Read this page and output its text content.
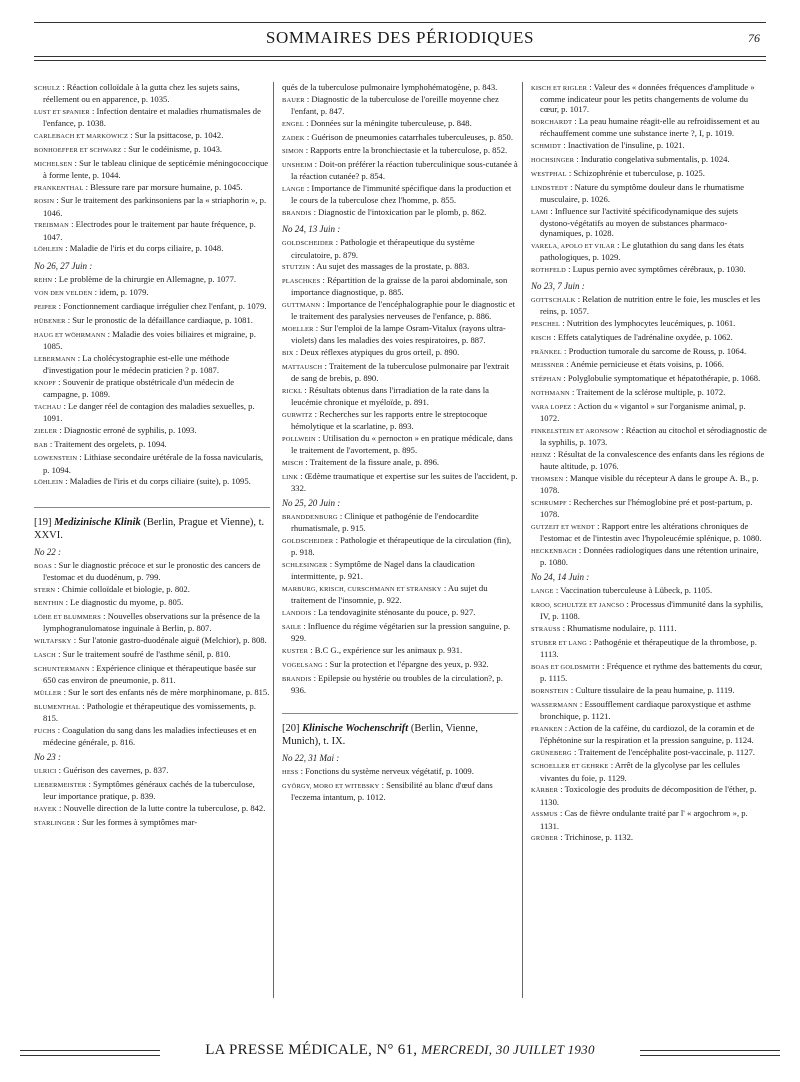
SOMMAIRES DES PÉRIODIQUES	76
SCHULZ : Réaction colloïdale à la gutta chez les sujets sains, réellement ou en apparence, p. 1035.
LUST ET SPANIER : Infection dentaire et maladies rhumatismales de l'enfance, p. 1038.
CARLEBACH ET MARKOWICZ : Sur la psittacose, p. 1042.
BONHOEFFER ET SCHWARZ : Sur le codéinisme, p. 1043.
MICHELSEN : Sur le tableau clinique de septicémie méningococcique à forme lente, p. 1044.
FRANKENTHAL : Blessure rare par morsure humaine, p. 1045.
ROSIN : Sur le traitement des parkinsoniens par la « striaphorin », p. 1046.
TREIBMAN : Electrodes pour le traitement par haute fréquence, p. 1047.
LÖHLEIN : Maladie de l'iris et du corps ciliaire, p. 1048.
No 26, 27 Juin :
REHN : Le problème de la chirurgie en Allemagne, p. 1077.
VON DEN VELDEN : idem, p. 1079.
PEIPER : Fonctionnement cardiaque irrégulier chez l'enfant, p. 1079.
HÜBENER : Sur le pronostic de la défaillance cardiaque, p. 1081.
HAUG ET WÖHRMANN : Maladie des voies biliaires et migraine, p. 1085.
LEBERMANN : La cholécystographie est-elle une méthode d'investigation pour le médecin praticien ? p. 1087.
KNOPF : Souvenir de pratique obstétricale d'un médecin de campagne, p. 1089.
TACHAU : Le danger réel de contagion des maladies sexuelles, p. 1091.
ZIELER : Diagnostic erroné de syphilis, p. 1093.
BAB : Traitement des orgelets, p. 1094.
LOWENSTEIN : Lithiase secondaire urétérale de la fossa navicularis, p. 1094.
LÖHLEIN : Maladies de l'iris et du corps ciliaire (suite), p. 1095.
[19] Medizinische Klinik (Berlin, Prague et Vienne), t. XXVI.
No 22 :
BOAS : Sur le diagnostic précoce et sur le pronostic des cancers de l'estomac et du duodénum, p. 799.
STERN : Chimie colloïdale et biologie, p. 802.
BENTHIN : Le diagnostic du myome, p. 805.
LÖHE ET BLUMMERS : Nouvelles observations sur la présence de la lymphogranulomatose inguinale à Berlin, p. 807.
WILTAFSKY : Sur l'atonie gastro-duodénale aiguë (Melchior), p. 808.
LASCH : Sur le traitement soufré de l'asthme sénil, p. 810.
SCHUNTERMANN : Expérience clinique et thérapeutique basée sur 650 cas environ de pneumonie, p. 811.
MÜLLER : Sur le sort des enfants nés de mère morphinomane, p. 815.
BLUMENTHAL : Pathologie et thérapeutique des vomissements, p. 815.
FUCHS : Coagulation du sang dans les maladies infectieuses et en médecine générale, p. 816.
No 23 :
ULRICI : Guérison des cavernes, p. 837.
LIEBERMEISTER : Symptômes généraux cachés de la tuberculose, leur importance pratique, p. 839.
HAYEK : Nouvelle direction de la lutte contre la tuberculose, p. 842.
STARLINGER : Sur les formes à symptômes mar-
qués de la tuberculose pulmonaire lymphohématogène, p. 843.
BAUER : Diagnostic de la tuberculose de l'oreille moyenne chez l'enfant, p. 847.
ENGEL : Données sur la méningite tuberculeuse, p. 848.
ZADEK : Guérison de pneumonies catarrhales tuberculeuses, p. 850.
SIMON : Rapports entre la bronchiectasie et la tuberculose, p. 852.
UNSHEIM : Doit-on préférer la réaction tuberculinique sous-cutanée à la réaction cutanée? p. 854.
LANGE : Importance de l'immunité spécifique dans la production et le cours de la tuberculose chez l'homme, p. 855.
BRANDIS : Diagnostic de l'intoxication par le plomb, p. 862.
No 24, 13 Juin :
GOLDSCHEIDER : Pathologie et thérapeutique du système circulatoire, p. 879.
STUTZIN : Au sujet des massages de la prostate, p. 883.
PLASCHKES : Répartition de la graisse de la paroi abdominale, son importance diagnostique, p. 885.
GUTTMANN : Importance de l'encéphalographie pour le diagnostic et le traitement des paralysies nerveuses de l'enfance, p. 886.
MOELLER : Sur l'emploi de la lampe Osram-Vitalux (rayons ultra-violets) dans les maladies des voies respiratoires, p. 887.
BIX : Deux réflexes atypiques du gros orteil, p. 890.
MATTAUSCH : Traitement de la tuberculose pulmonaire par l'extrait de sang de brebis, p. 890.
RICKL : Résultats obtenus dans l'irradiation de la rate dans la leucémie chronique et myéloïde, p. 891.
GURWITZ : Recherches sur les rapports entre le streptocoque hémolytique et la scarlatine, p. 893.
POLLWEIN : Utilisation du « pernocton » en pratique médicale, dans le traitement de l'avortement, p. 895.
MISCH : Traitement de la fissure anale, p. 896.
LINK : Œdème traumatique et expertise sur les suites de l'accident, p. 332.
No 25, 20 Juin :
BRANDDENBURG : Clinique et pathogénie de l'endocardite rhumatismale, p. 915.
GOLDSCHEIDER : Pathologie et thérapeutique de la circulation (fin), p. 918.
SCHLESINGER : Symptôme de Nagel dans la claudication intermittente, p. 921.
MARBURG, KRISCH, CURSCHMANN ET STRANSKY : Au sujet du traitement de l'insomnie, p. 922.
LANDOIS : La tendovaginite sténosante du pouce, p. 927.
SAILE : Influence du régime végétarien sur la pression sanguine, p. 929.
KUSTER : B.C G., expérience sur les animaux p. 931.
VOGELSANG : Sur la protection et l'épargne des yeux, p. 932.
BRANDIS : Epilepsie ou hystérie ou troubles de la circulation?, p. 936.
[20] Klinische Wochenschrift (Berlin, Vienne, Munich), t. IX.
No 22, 31 Mai :
HESS : Fonctions du système nerveux végétatif, p. 1009.
GYÖRGY, MORO ET WITEBSKY : Sensibilité au blanc d'œuf dans l'eczema intantum, p. 1012.
KISCH ET RIGLER : Valeur des « données fréquences d'amplitude » comme indicateur pour les petits changements de volume du cœur, p. 1017.
BORCHARDT : La peau humaine réagit-elle au refroidissement et au réchauffement comme une substance inerte ?, I, p. 1019.
SCHMIDT : Inactivation de l'insuline, p. 1021.
HOCHSINGER : Induratio congelativa submentalis, p. 1024.
WESTPHAL : Schizophrénie et tuberculose, p. 1025.
LINDSTEDT : Nature du symptôme douleur dans le rhumatisme musculaire, p. 1026.
LAMI : Influence sur l'activité spécificodynamique des sujets dystono-végétatifs au moyen de substances pharmaco-dynamiques, p. 1028.
VARELA, APOLO ET VILAR : Le glutathion du sang dans les états pathologiques, p. 1029.
ROTHFELD : Lupus pernio avec symptômes cérébraux, p. 1030.
No 23, 7 Juin :
GOTTSCHALK : Relation de nutrition entre le foie, les muscles et les reins, p. 1057.
PESCHEL : Nutrition des lymphocytes leucémiques, p. 1061.
KISCH : Effets catalytiques de l'adrénaline oxydée, p. 1062.
FRÄNKEL : Production tumorale du sarcome de Rouss, p. 1064.
MEISSNER : Anémie pernicieuse et états voisins, p. 1066.
STÉPHAN : Polyglobulie symptomatique et hépatothérapie, p. 1068.
NOTHMANN : Traitement de la sclérose multiple, p. 1072.
VARA LOPEZ : Action du « vigantol » sur l'organisme animal, p. 1072.
FINKELSTEIN ET ARONSOW : Réaction au citochol et sérodiagnostic de la syphilis, p. 1073.
HEINZ : Résultat de la convalescence des enfants dans les régions de haute altitude, p. 1076.
THOMSEN : Manque visible du récepteur A dans le groupe A. B., p. 1078.
SCHRUMPF : Recherches sur l'hémoglobine pré et post-partum, p. 1078.
GUTZEIT ET WENDT : Rapport entre les altérations chroniques de l'estomac et de l'intestin avec l'hypoleucémie splénique, p. 1080.
HECKENBACH : Données radiologiques dans une rétention urinaire, p. 1080.
No 24, 14 Juin :
LANGE : Vaccination tuberculeuse à Lübeck, p. 1105.
KROO, SCHULTZE ET JANCSO : Processus d'immunité dans la syphilis, IV, p. 1108.
STRAUSS : Rhumatisme nodulaire, p. 1111.
STUBER ET LANG : Pathogénie et thérapeutique de la thrombose, p. 1113.
BOAS ET GOLDSMITH : Fréquence et rythme des battements du cœur, p. 1115.
BORNSTEIN : Culture tissulaire de la peau humaine, p. 1119.
WASSERMANN : Essoufflement cardiaque paroxystique et asthme bronchique, p. 1121.
FRANKEN : Action de la caféine, du cardiozol, de la coramin et de l'éphétonine sur la respiration et la pression sanguine, p. 1124.
GRÜNEBERG : Traitement de l'encéphalite post-vaccinale, p. 1127.
SCHOELLER ET GEHRKE : Arrêt de la glycolyse par les cellules vivantes du foie, p. 1129.
KÄRBER : Toxicologie des produits de décomposition de l'éther, p. 1130.
ASSMUS : Cas de fièvre ondulante traité par l' « argochrom », p. 1131.
GRÜBER : Trichinose, p. 1132.
LA PRESSE MÉDICALE, N° 61, MERCREDI, 30 JUILLET 1930
